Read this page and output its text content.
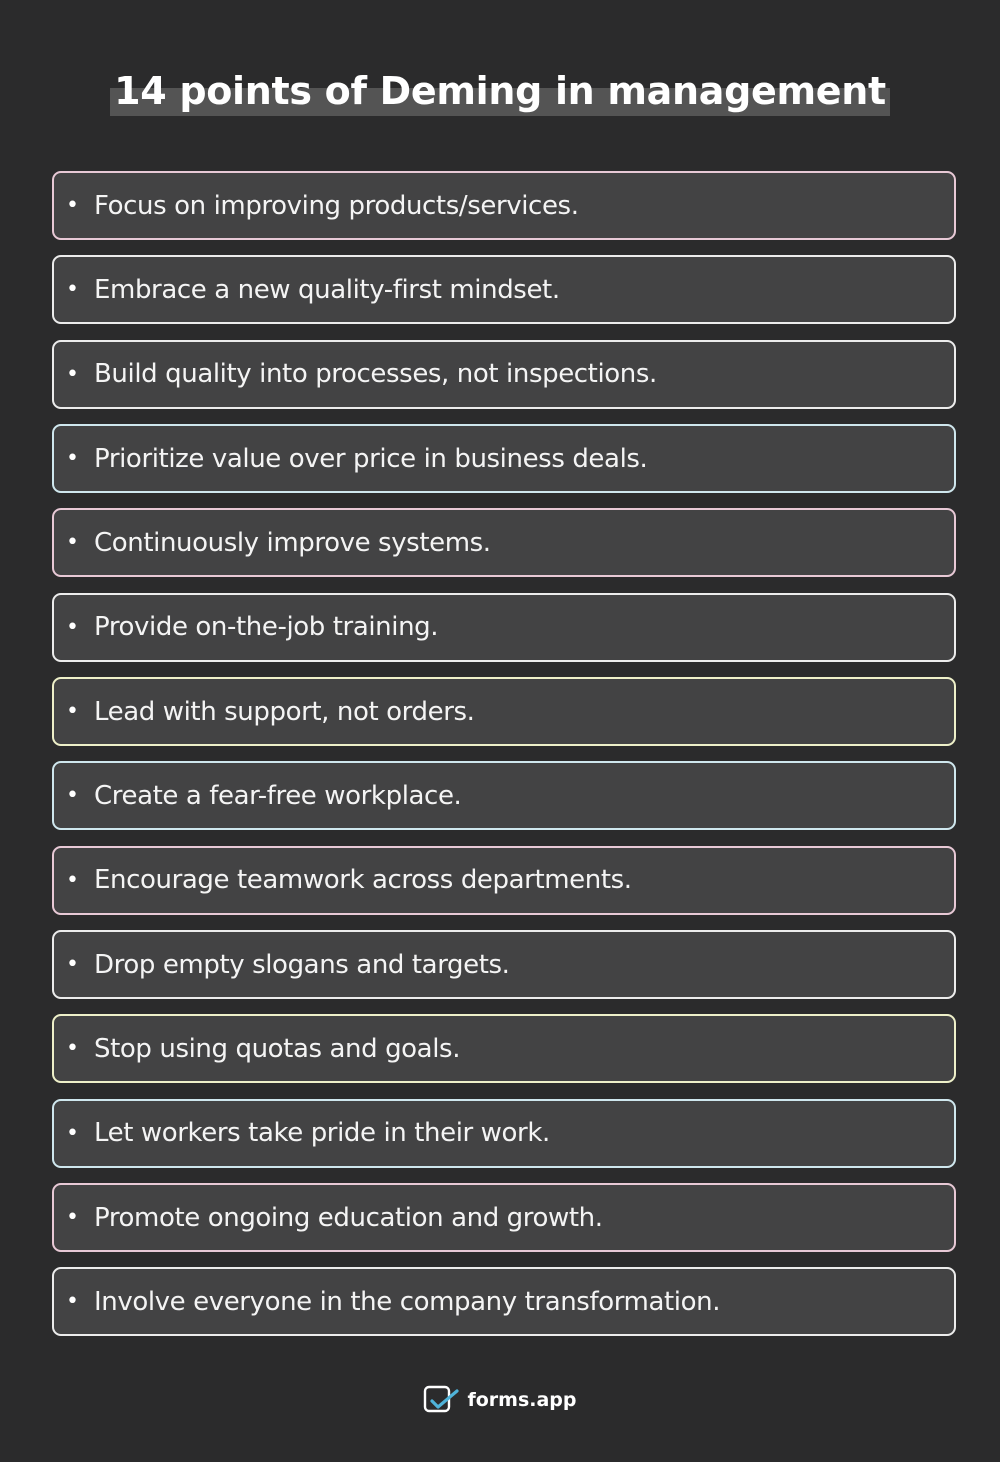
14 points of Deming in management
• Focus on improving products/services.
• Embrace a new quality-first mindset.
• Build quality into processes, not inspections.
• Prioritize value over price in business deals.
• Continuously improve systems.
• Provide on-the-job training.
• Lead with support, not orders.
• Create a fear-free workplace.
• Encourage teamwork across departments.
• Drop empty slogans and targets.
• Stop using quotas and goals.
• Let workers take pride in their work.
• Promote ongoing education and growth.
• Involve everyone in the company transformation.
forms.app
